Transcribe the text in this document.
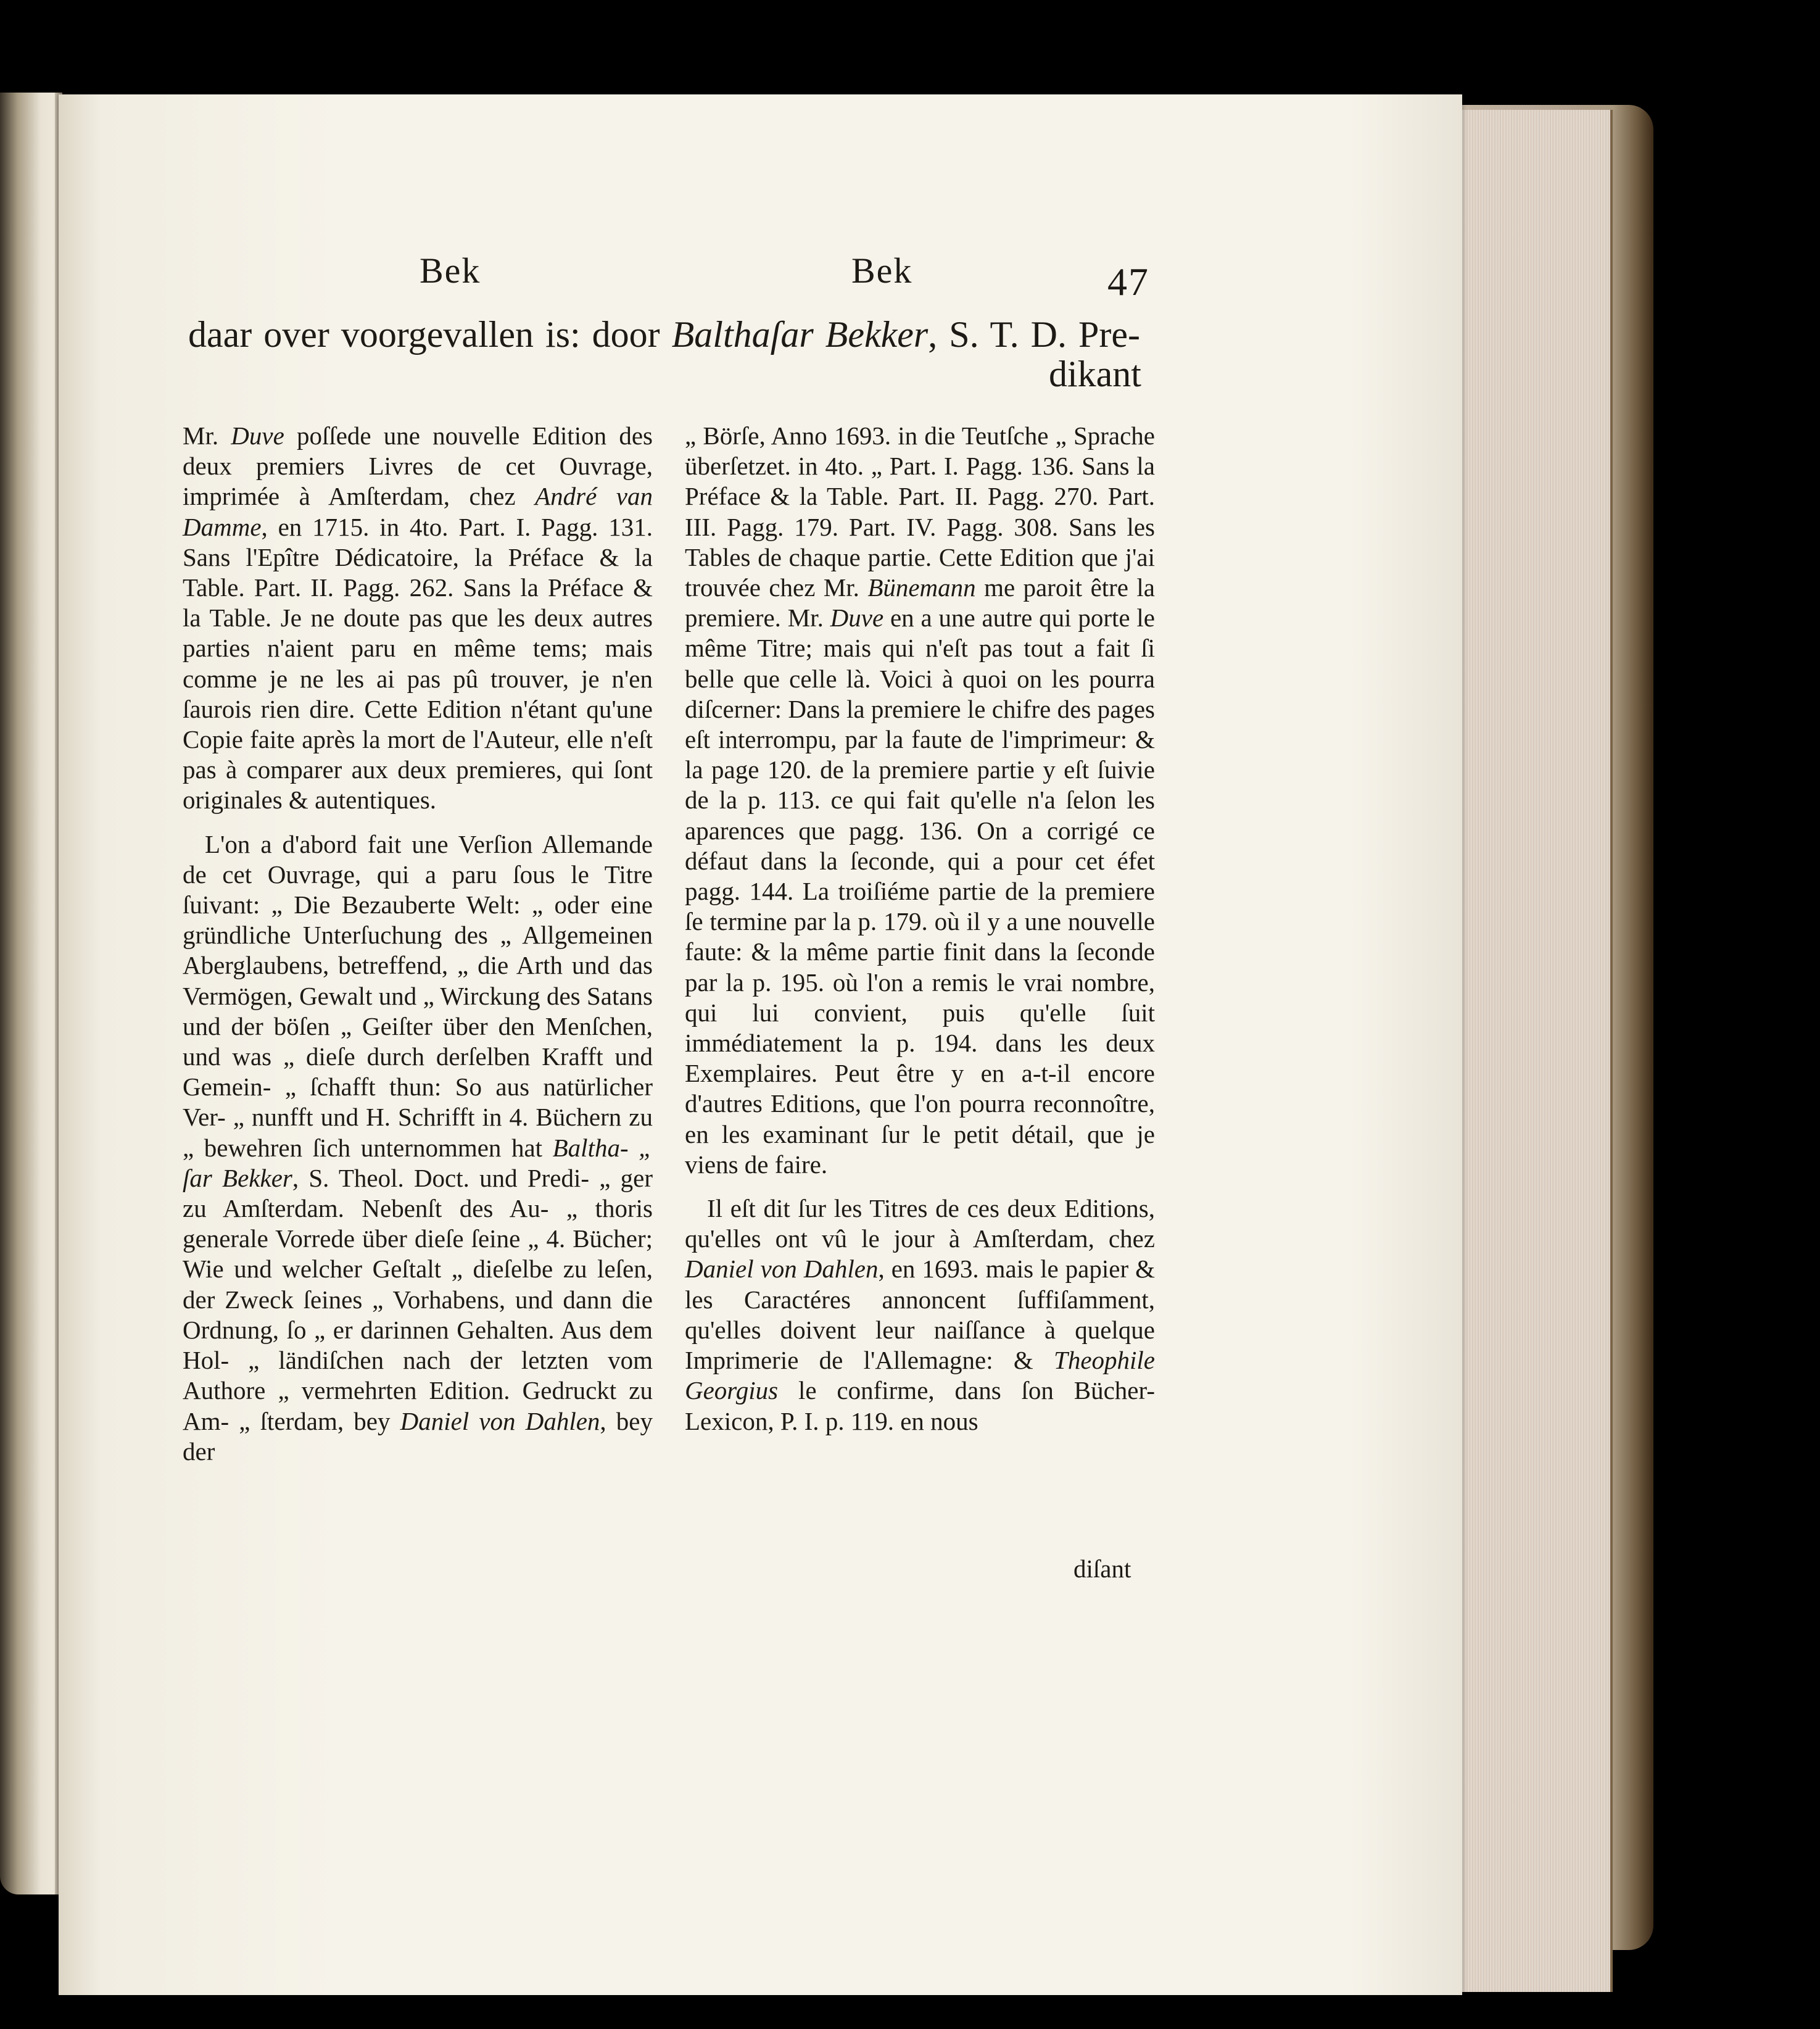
Bek	Bek	47
daar over voorgevallen is: door Balthaſar Bekker, S. T. D. Pre-
dikant

Mr. Duve poſſede une nouvelle Edition des deux premiers Livres de cet Ouvrage, imprimée à Amſterdam, chez André van Damme, en 1715. in 4to. Part. I. Pagg. 131. Sans l'Epître Dédicatoire, la Préface & la Table. Part. II. Pagg. 262. Sans la Préface & la Table. Je ne doute pas que les deux autres parties n'aient paru en même tems; mais comme je ne les ai pas pû trouver, je n'en ſaurois rien dire. Cette Edition n'étant qu'une Copie faite après la mort de l'Auteur, elle n'eſt pas à comparer aux deux premieres, qui ſont originales & autentiques.

L'on a d'abord fait une Verſion Allemande de cet Ouvrage, qui a paru ſous le Titre ſuivant: „ Die Bezauberte Welt: „ oder eine gründliche Unterſuchung des „ Allgemeinen Aberglaubens, betreffend, „ die Arth und das Vermögen, Gewalt und „ Wirckung des Satans und der böſen „ Geiſter über den Menſchen, und was „ dieſe durch derſelben Krafft und Gemein- „ ſchafft thun: So aus natürlicher Ver- „ nunfft und H. Schrifft in 4. Büchern zu „ bewehren ſich unternommen hat Baltha- „ ſar Bekker, S. Theol. Doct. und Predi- „ ger zu Amſterdam. Nebenſt des Au- „ thoris generale Vorrede über dieſe ſeine „ 4. Bücher; Wie und welcher Geſtalt „ dieſelbe zu leſen, der Zweck ſeines „ Vorhabens, und dann die Ordnung, ſo „ er darinnen Gehalten. Aus dem Hol- „ ländiſchen nach der letzten vom Authore „ vermehrten Edition. Gedruckt zu Am- „ ſterdam, bey Daniel von Dahlen, bey der

„ Börſe, Anno 1693. in die Teutſche „ Sprache überſetzet. in 4to. „ Part. I. Pagg. 136. Sans la Préface & la Table. Part. II. Pagg. 270. Part. III. Pagg. 179. Part. IV. Pagg. 308. Sans les Tables de chaque partie. Cette Edition que j'ai trouvée chez Mr. Bünemann me paroit être la premiere. Mr. Duve en a une autre qui porte le même Titre; mais qui n'eſt pas tout a fait ſi belle que celle là. Voici à quoi on les pourra diſcerner: Dans la premiere le chifre des pages eſt interrompu, par la faute de l'imprimeur: & la page 120. de la premiere partie y eſt ſuivie de la p. 113. ce qui fait qu'elle n'a ſelon les aparences que pagg. 136. On a corrigé ce défaut dans la ſeconde, qui a pour cet éfet pagg. 144. La troiſiéme partie de la premiere ſe termine par la p. 179. où il y a une nouvelle faute: & la même partie finit dans la ſeconde par la p. 195. où l'on a remis le vrai nombre, qui lui convient, puis qu'elle ſuit immédiatement la p. 194. dans les deux Exemplaires. Peut être y en a-t-il encore d'autres Editions, que l'on pourra reconnoître, en les examinant ſur le petit détail, que je viens de faire.

Il eſt dit ſur les Titres de ces deux Editions, qu'elles ont vû le jour à Amſterdam, chez Daniel von Dahlen, en 1693. mais le papier & les Caractéres annoncent ſuffiſamment, qu'elles doivent leur naiſſance à quelque Imprimerie de l'Allemagne: & Theophile Georgius le confirme, dans ſon Bücher-Lexicon, P. I. p. 119. en nous

diſant
